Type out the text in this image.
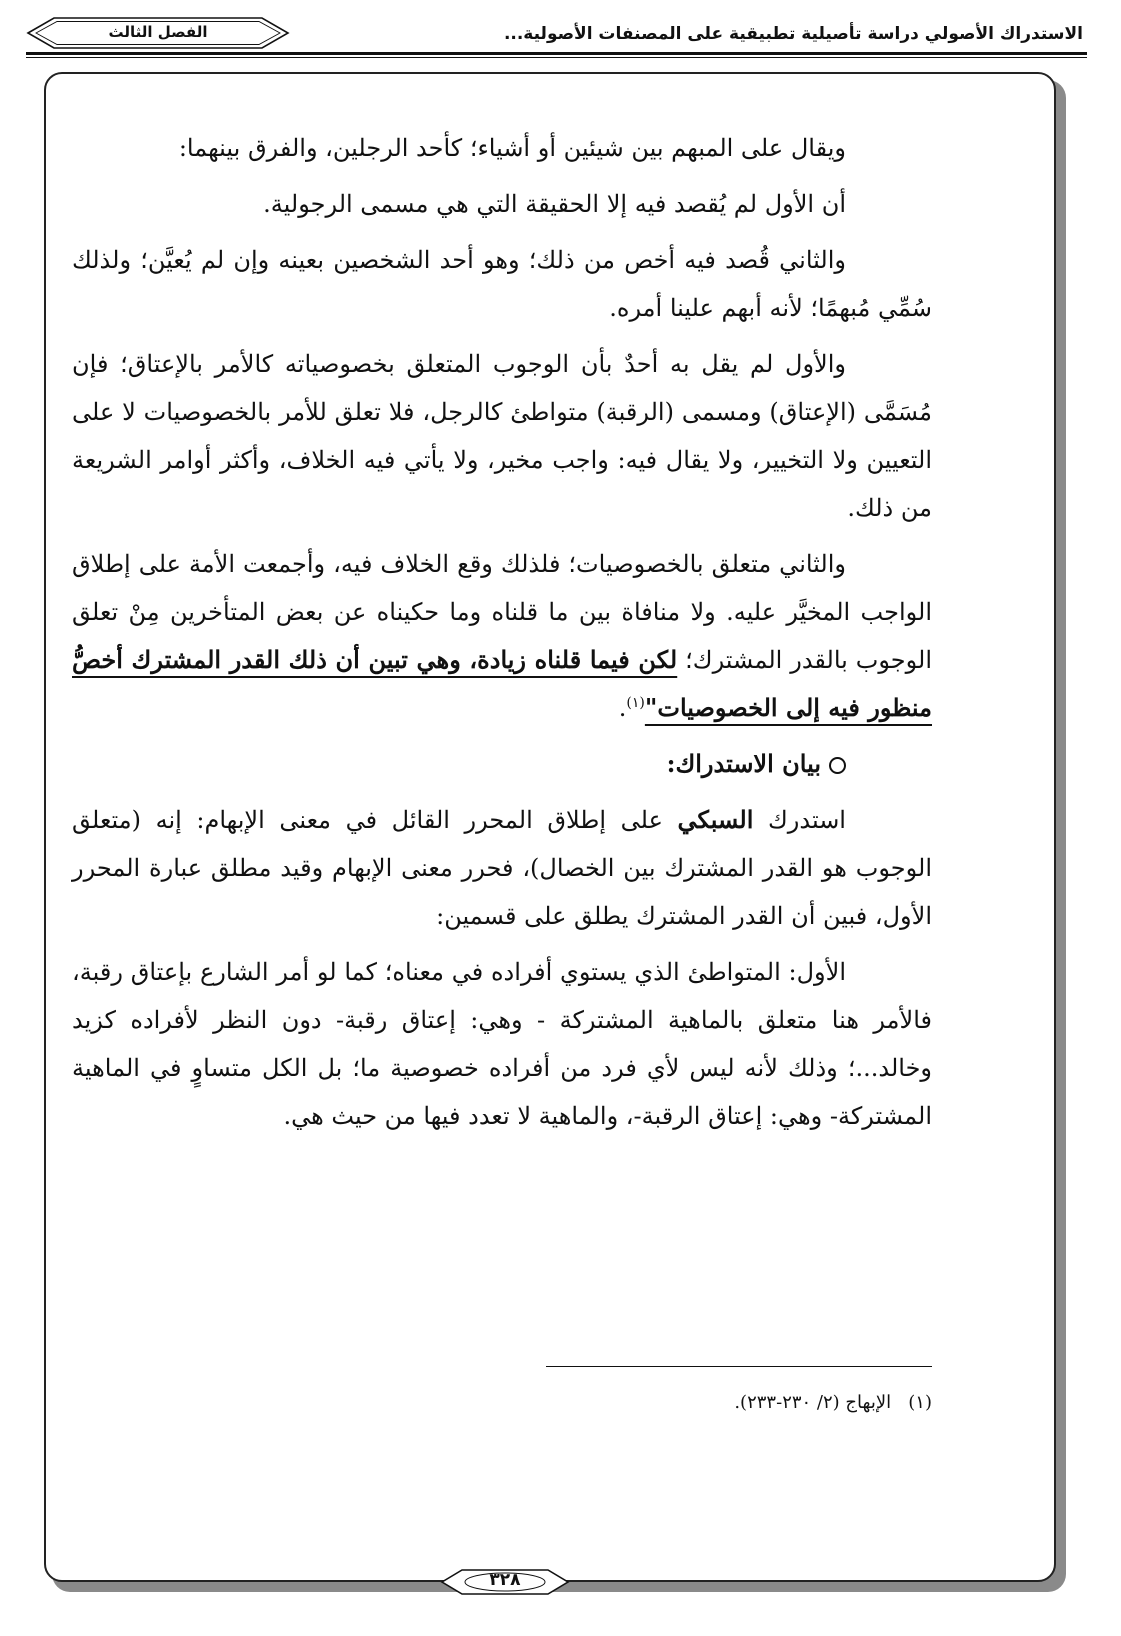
الاستدراك الأصولي دراسة تأصيلية تطبيقية على المصنفات الأصولية...
الفصل الثالث

ويقال على المبهم بين شيئين أو أشياء؛ كأحد الرجلين، والفرق بينهما:

أن الأول لم يُقصد فيه إلا الحقيقة التي هي مسمى الرجولية.

والثاني قُصد فيه أخص من ذلك؛ وهو أحد الشخصين بعينه وإن لم يُعيَّن؛ ولذلك سُمِّي مُبهمًا؛ لأنه أبهم علينا أمره.

والأول لم يقل به أحدٌ بأن الوجوب المتعلق بخصوصياته كالأمر بالإعتاق؛ فإن مُسَمَّى (الإعتاق) ومسمى (الرقبة) متواطئ كالرجل، فلا تعلق للأمر بالخصوصيات لا على التعيين ولا التخيير، ولا يقال فيه: واجب مخير، ولا يأتي فيه الخلاف، وأكثر أوامر الشريعة من ذلك.

والثاني متعلق بالخصوصيات؛ فلذلك وقع الخلاف فيه، وأجمعت الأمة على إطلاق الواجب المخيَّر عليه. ولا منافاة بين ما قلناه وما حكيناه عن بعض المتأخرين مِنْ تعلق الوجوب بالقدر المشترك؛ لكن فيما قلناه زيادة، وهي تبين أن ذلك القدر المشترك أخصُّ منظور فيه إلى الخصوصيات"$^{(١)}$.

بيان الاستدراك:

استدرك السبكي على إطلاق المحرر القائل في معنى الإبهام: إنه (متعلق الوجوب هو القدر المشترك بين الخصال)، فحرر معنى الإبهام وقيد مطلق عبارة المحرر الأول، فبين أن القدر المشترك يطلق على قسمين:

الأول: المتواطئ الذي يستوي أفراده في معناه؛ كما لو أمر الشارع بإعتاق رقبة، فالأمر هنا متعلق بالماهية المشتركة - وهي: إعتاق رقبة- دون النظر لأفراده كزيد وخالد...؛ وذلك لأنه ليس لأي فرد من أفراده خصوصية ما؛ بل الكل متساوٍ في الماهية المشتركة- وهي: إعتاق الرقبة-، والماهية لا تعدد فيها من حيث هي.

(١)   الإبهاج (٢/ ٢٣٠-٢٣٣).
٣٢٨
